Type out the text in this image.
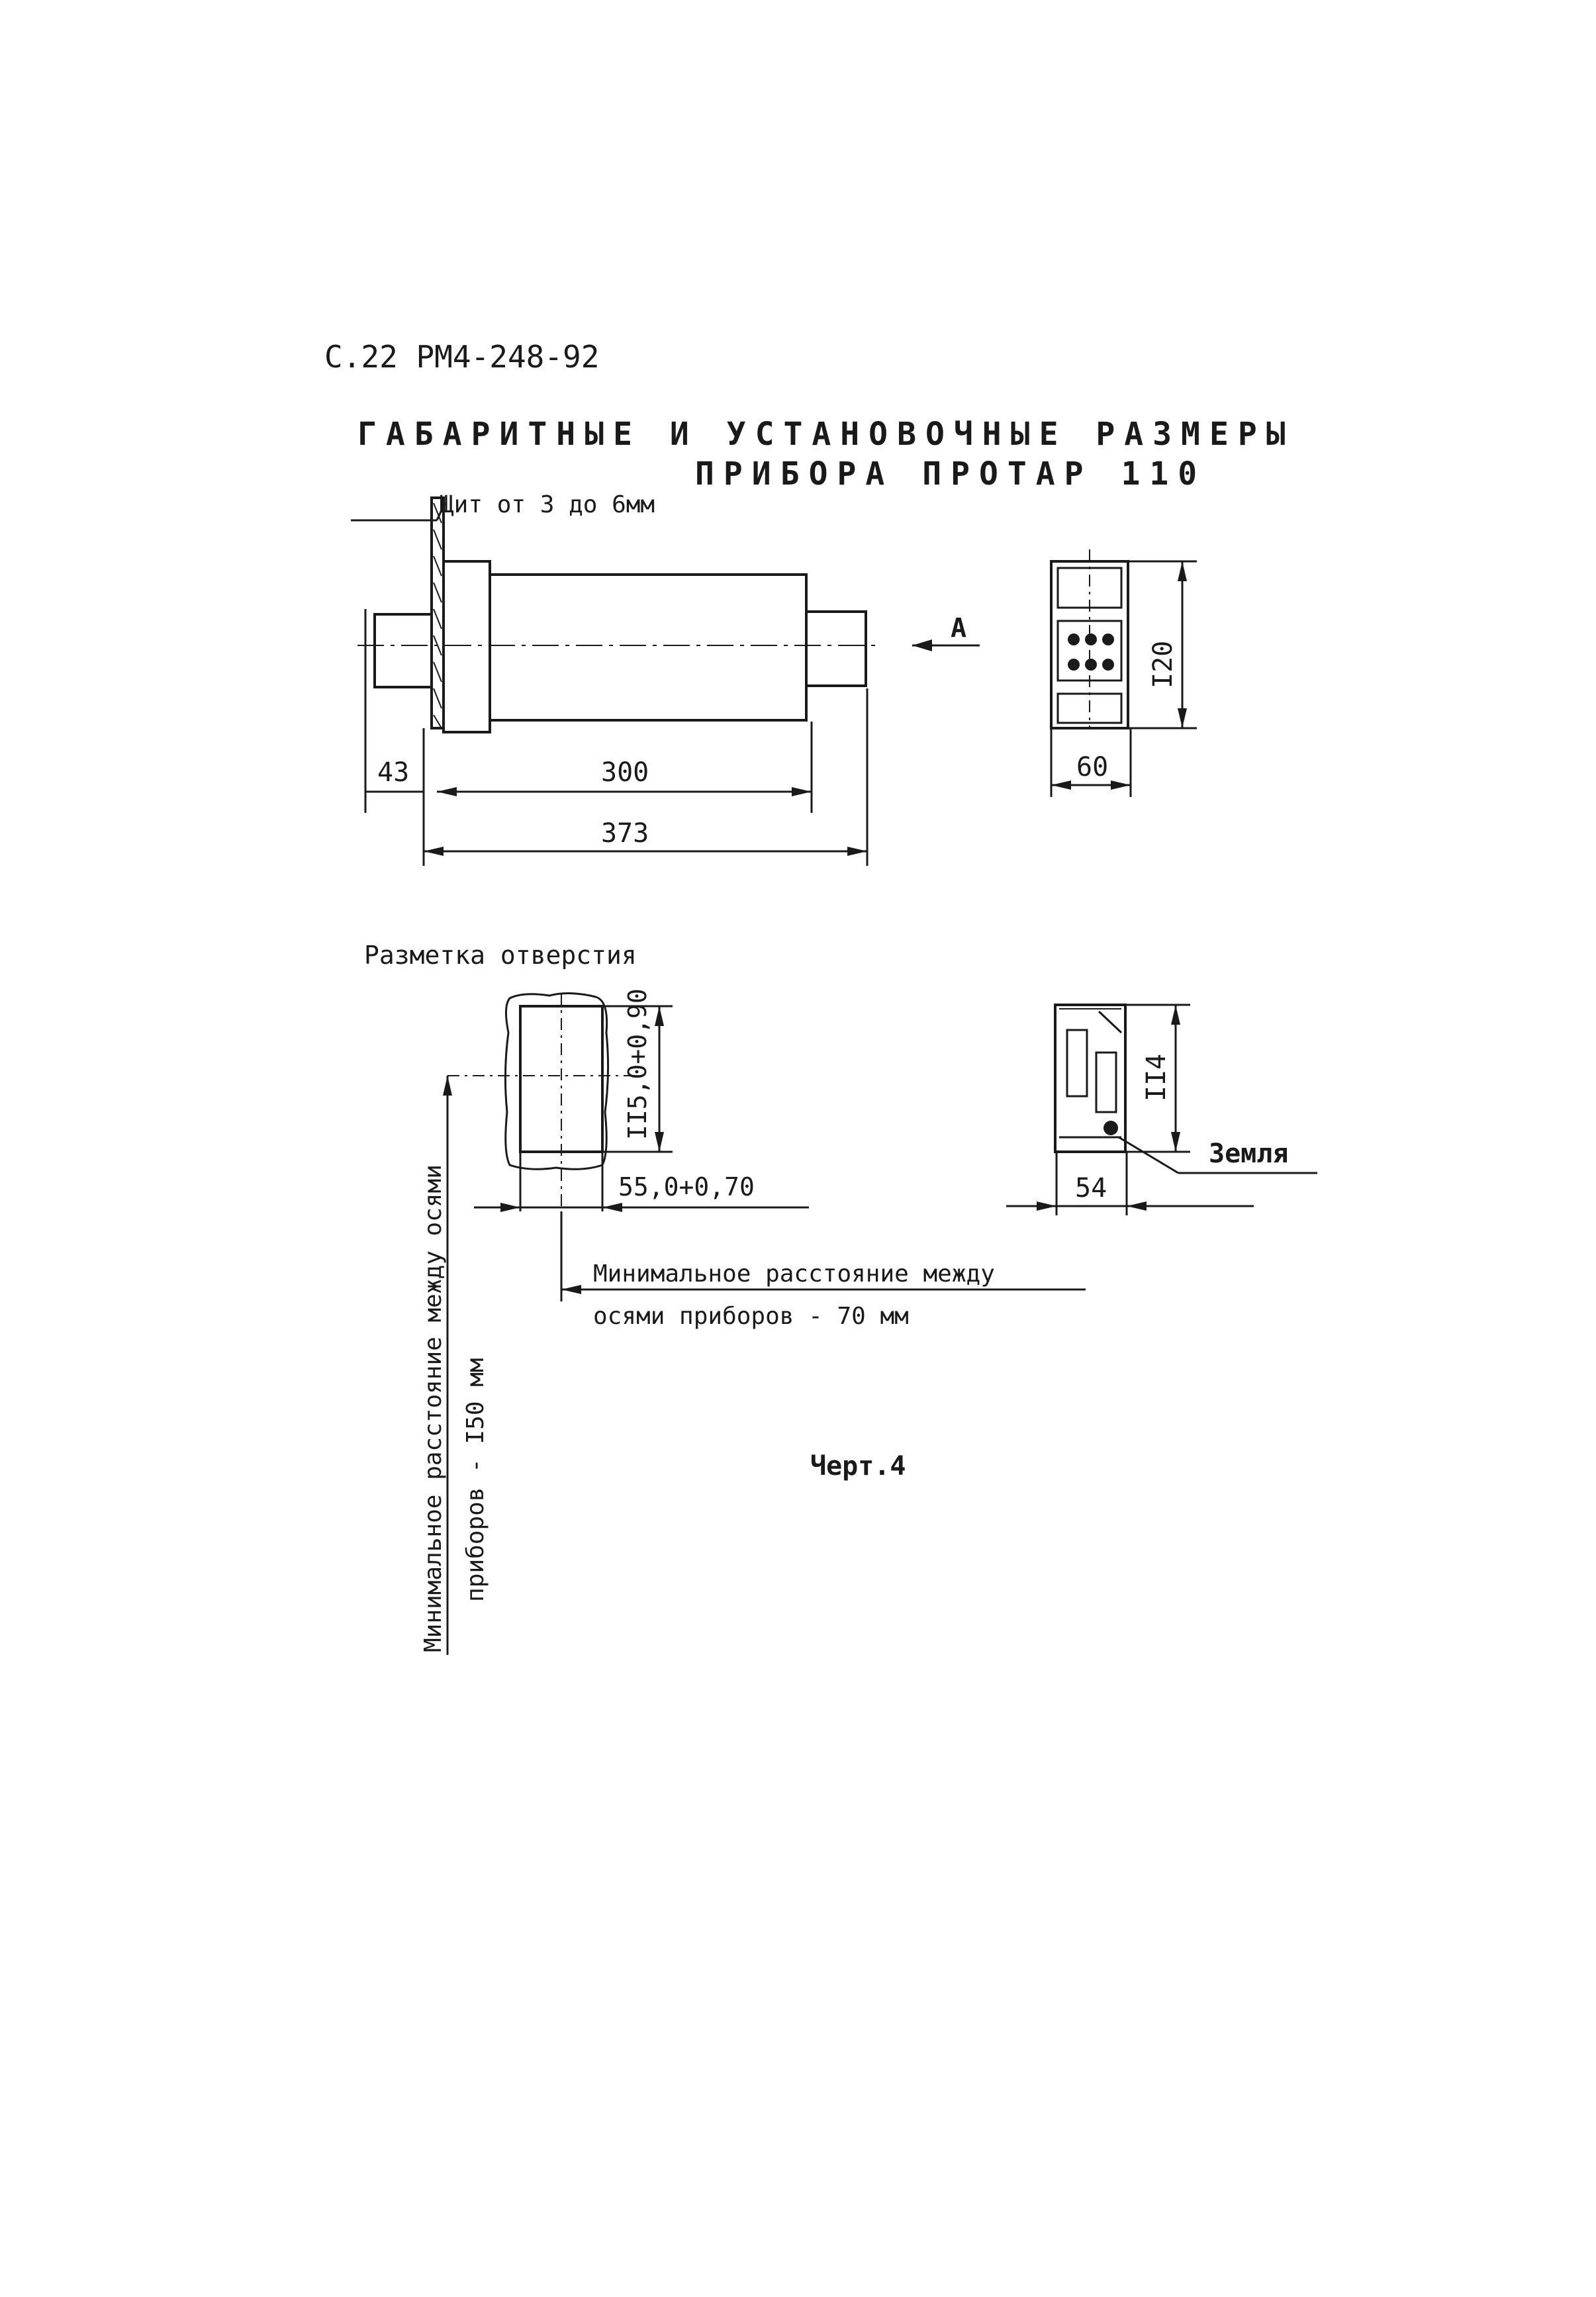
С.22 РМ4-248-92
ГАБАРИТНЫЕ И УСТАНОВОЧНЫЕ РАЗМЕРЫ
ПРИБОРА ПРОТАР 110
Щит от 3 до 6мм
43	300
373
А
I20
60
Разметка отверстия
II5,0+0,90
55,0+0,70
Минимальное расстояние между
осями приборов - 70 мм
Минимальное расстояние между осями приборов - I50 мм
II4
54
Земля
Черт.4
